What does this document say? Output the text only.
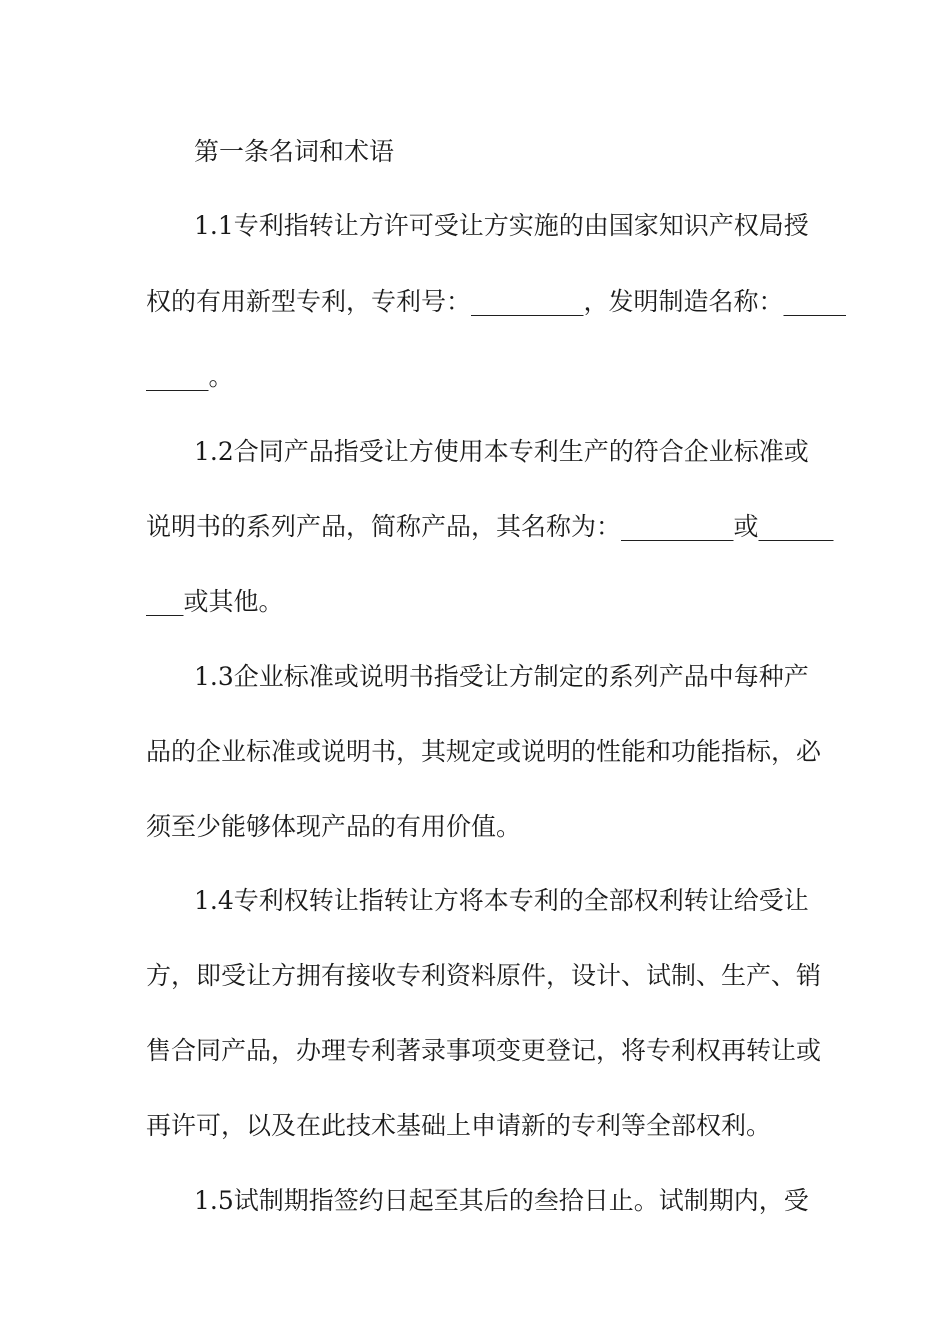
第一条名词和术语
1.1专利指转让方许可受让方实施的由国家知识产权局授
权的有用新型专利，专利号：_________，发明制造名称：_____
_____。
1.2合同产品指受让方使用本专利生产的符合企业标准或
说明书的系列产品，简称产品，其名称为：_________或______
___或其他。
1.3企业标准或说明书指受让方制定的系列产品中每种产
品的企业标准或说明书，其规定或说明的性能和功能指标，必
须至少能够体现产品的有用价值。
1.4专利权转让指转让方将本专利的全部权利转让给受让
方，即受让方拥有接收专利资料原件，设计、试制、生产、销
售合同产品，办理专利著录事项变更登记，将专利权再转让或
再许可，以及在此技术基础上申请新的专利等全部权利。
1.5试制期指签约日起至其后的叁拾日止。试制期内，受
